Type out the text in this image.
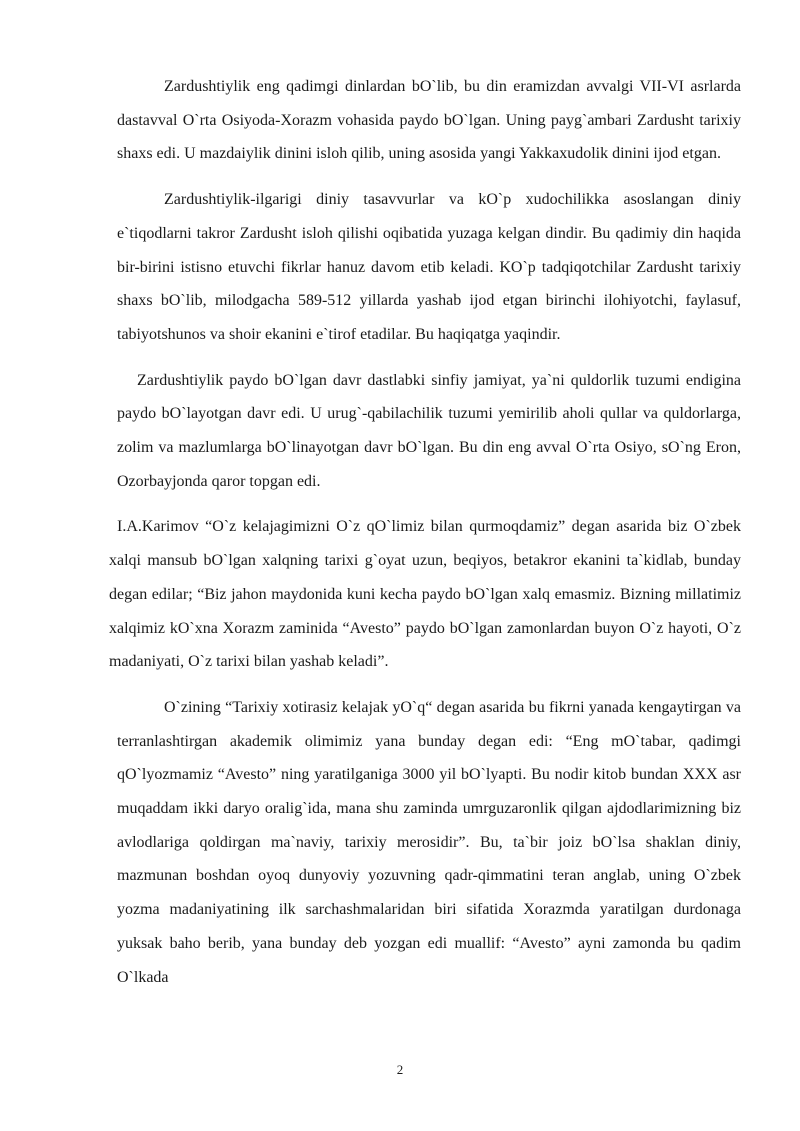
Zardushtiylik eng qadimgi dinlardan bO`lib, bu din eramizdan avvalgi VII-VI asrlarda dastavval O`rta Osiyoda-Xorazm vohasida paydo bO`lgan. Uning payg`ambari Zardusht tarixiy shaxs edi. U mazdaiylik dinini isloh qilib, uning asosida yangi Yakkaxudolik dinini ijod etgan.

Zardushtiylik-ilgarigi diniy tasavvurlar va kO`p xudochilikka asoslangan diniy e`tiqodlarni takror Zardusht isloh qilishi oqibatida yuzaga kelgan dindir. Bu qadimiy din haqida bir-birini istisno etuvchi fikrlar hanuz davom etib keladi. KO`p tadqiqotchilar Zardusht tarixiy shaxs bO`lib, milodgacha 589-512 yillarda yashab ijod etgan birinchi ilohiyotchi, faylasuf, tabiyotshunos va shoir ekanini e`tirof etadilar. Bu haqiqatga yaqindir.

Zardushtiylik paydo bO`lgan davr dastlabki sinfiy jamiyat, ya`ni quldorlik tuzumi endigina paydo bO`layotgan davr edi. U urug`-qabilachilik tuzumi yemirilib aholi qullar va quldorlarga, zolim va mazlumlarga bO`linayotgan davr bO`lgan. Bu din eng avval O`rta Osiyo, sO`ng Eron, Ozorbayjonda qaror topgan edi.

I.A.Karimov “O`z kelajagimizni O`z qO`limiz bilan qurmoqdamiz” degan asarida biz O`zbek xalqi mansub bO`lgan xalqning tarixi g`oyat uzun, beqiyos, betakror ekanini ta`kidlab, bunday degan edilar; “Biz jahon maydonida kuni kecha paydo bO`lgan xalq emasmiz. Bizning millatimiz xalqimiz kO`xna Xorazm zaminida “Avesto” paydo bO`lgan zamonlardan buyon O`z hayoti, O`z madaniyati, O`z tarixi bilan yashab keladi”.

O`zining “Tarixiy xotirasiz kelajak yO`q“ degan asarida bu fikrni yanada kengaytirgan va terranlashtirgan akademik olimimiz yana bunday degan edi: “Eng mO`tabar, qadimgi qO`lyozmamiz “Avesto” ning yaratilganiga 3000 yil bO`lyapti. Bu nodir kitob bundan XXX asr muqaddam ikki daryo oralig`ida, mana shu zaminda umrguzaronlik qilgan ajdodlarimizning biz avlodlariga qoldirgan ma`naviy, tarixiy merosidir”. Bu, ta`bir joiz bO`lsa shaklan diniy, mazmunan boshdan oyoq dunyoviy yozuvning qadr-qimmatini teran anglab, uning O`zbek yozma madaniyatining ilk sarchashmalaridan biri sifatida Xorazmda yaratilgan durdonaga yuksak baho berib, yana bunday deb yozgan edi muallif: “Avesto” ayni zamonda bu qadim O`lkada

2
